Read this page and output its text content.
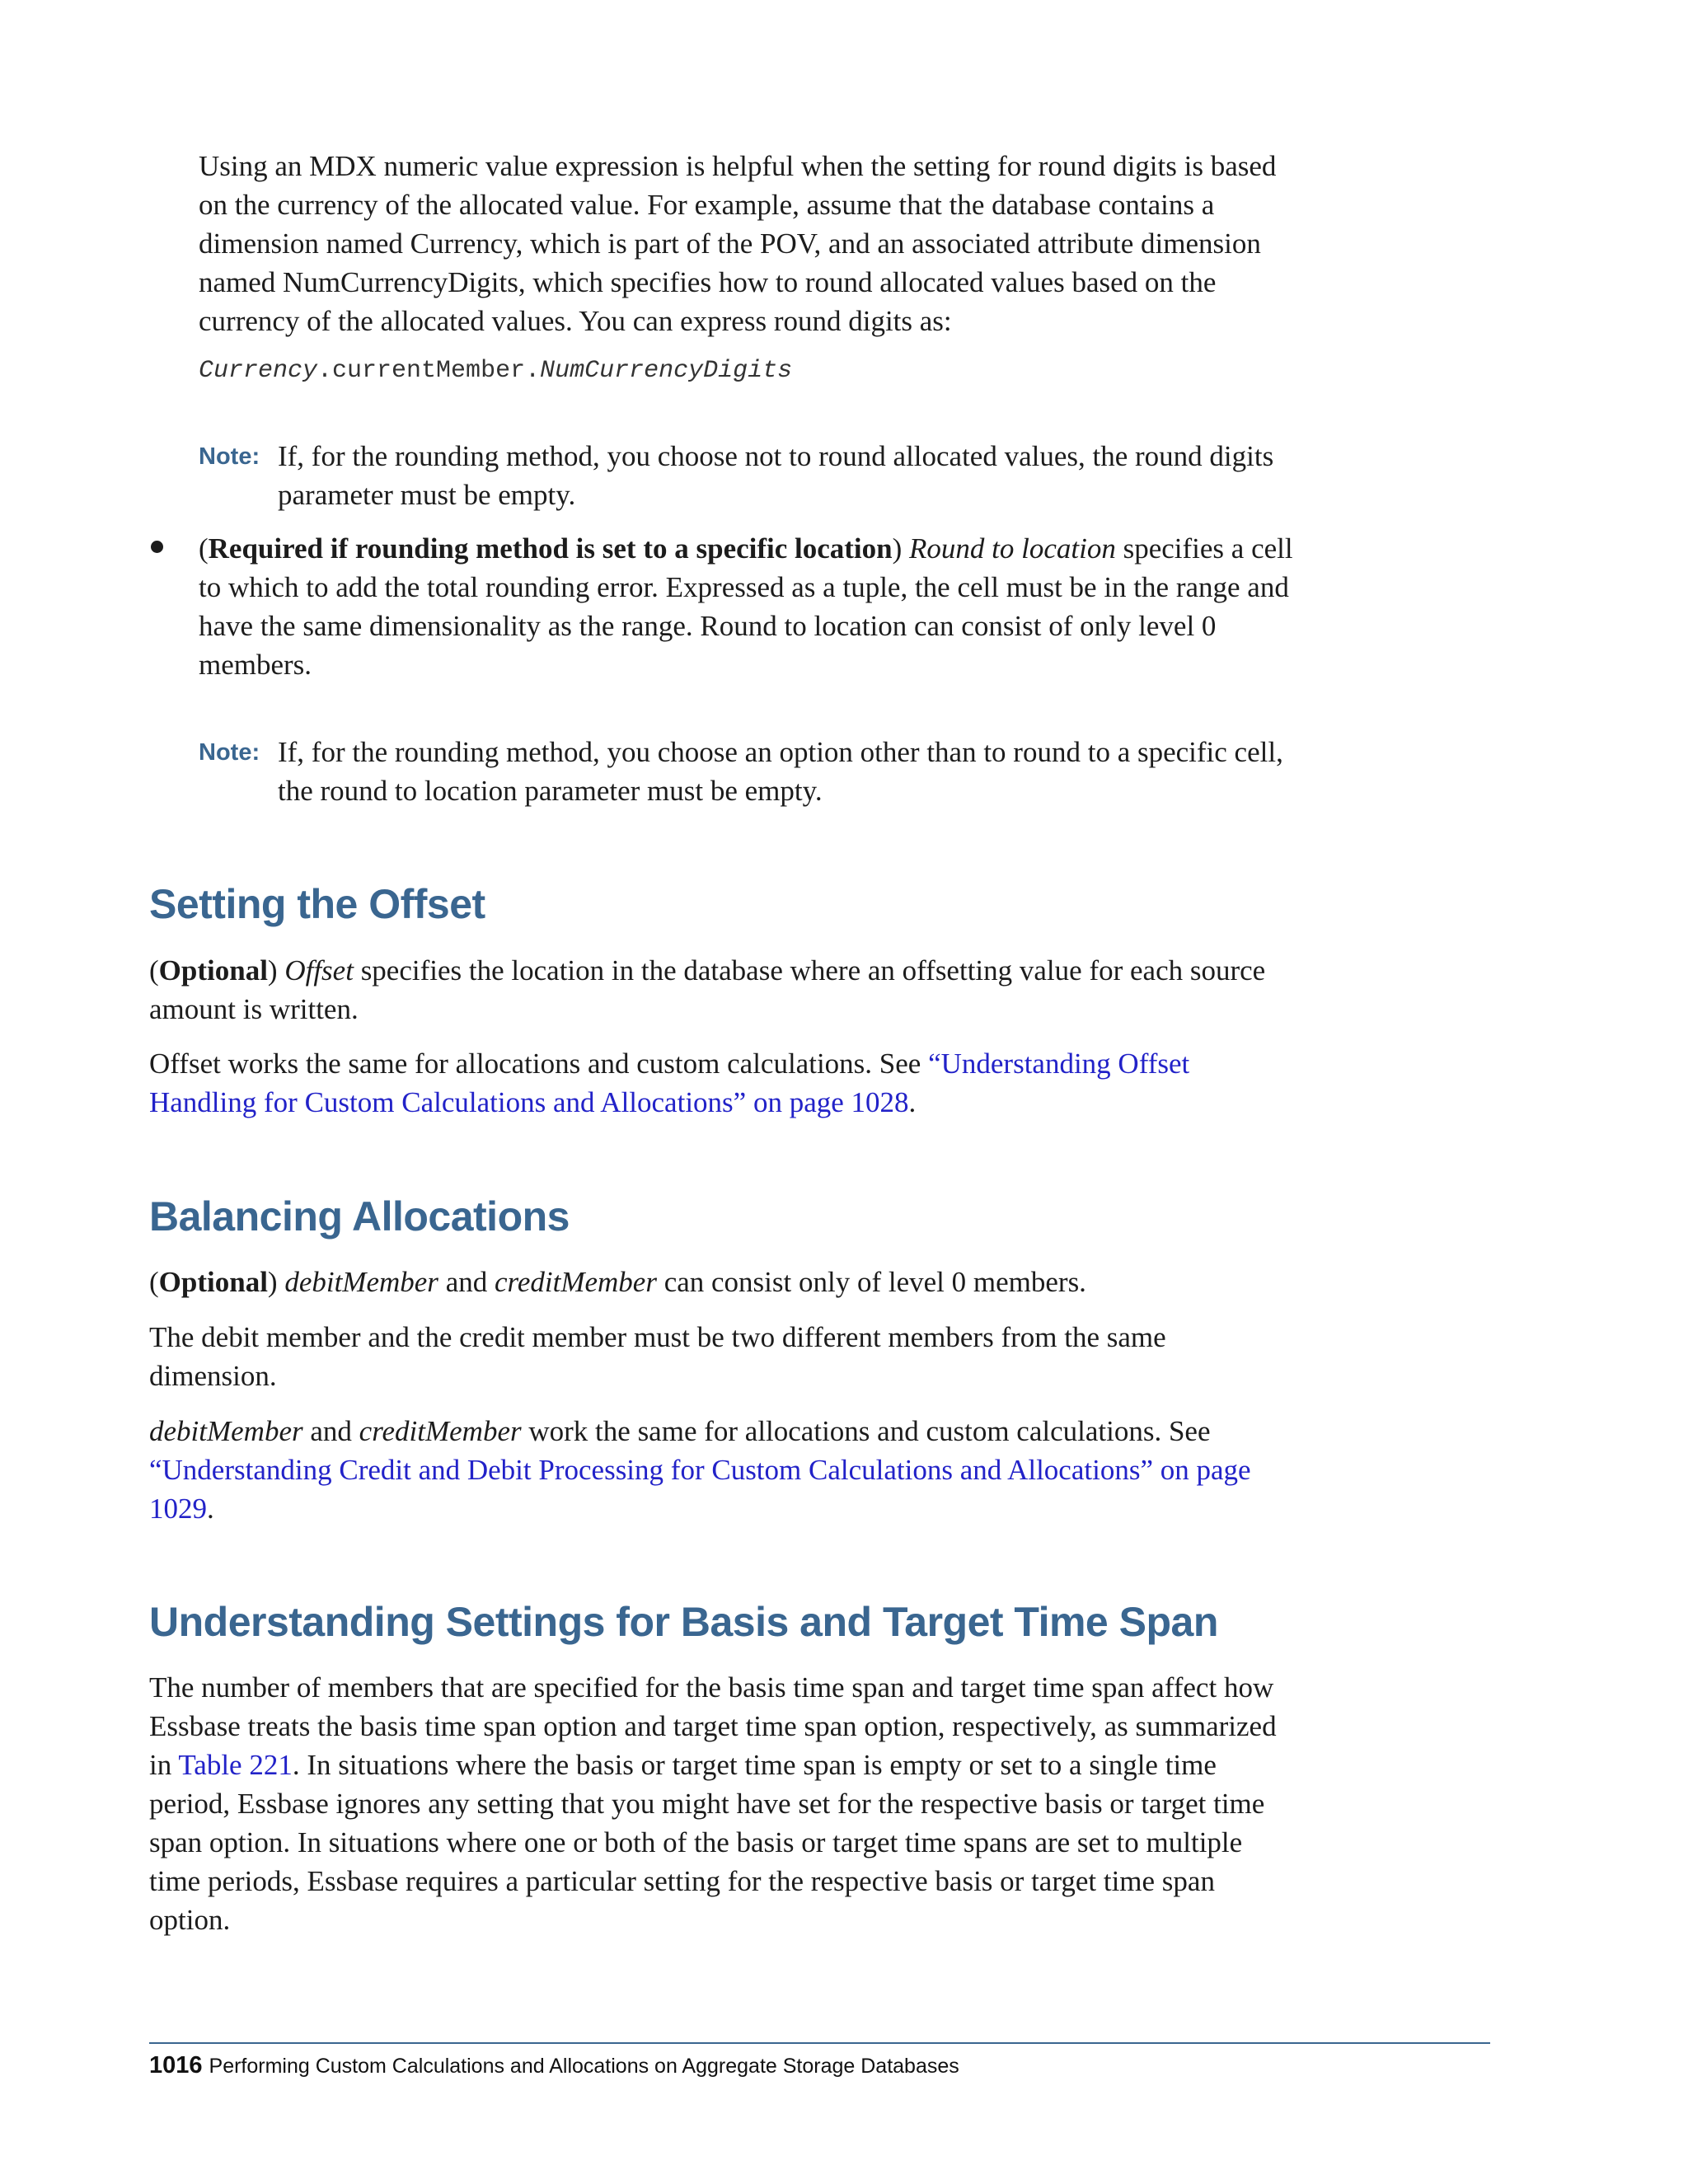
Using an MDX numeric value expression is helpful when the setting for round digits is based on the currency of the allocated value. For example, assume that the database contains a dimension named Currency, which is part of the POV, and an associated attribute dimension named NumCurrencyDigits, which specifies how to round allocated values based on the currency of the allocated values. You can express round digits as:

Currency.currentMember.NumCurrencyDigits
Note: If, for the rounding method, you choose not to round allocated values, the round digits parameter must be empty.

(Required if rounding method is set to a specific location) Round to location specifies a cell to which to add the total rounding error. Expressed as a tuple, the cell must be in the range and have the same dimensionality as the range. Round to location can consist of only level 0 members.

Note: If, for the rounding method, you choose an option other than to round to a specific cell, the round to location parameter must be empty.

Setting the Offset

(Optional) Offset specifies the location in the database where an offsetting value for each source amount is written.

Offset works the same for allocations and custom calculations. See “Understanding Offset Handling for Custom Calculations and Allocations” on page 1028.

Balancing Allocations

(Optional) debitMember and creditMember can consist only of level 0 members.

The debit member and the credit member must be two different members from the same dimension.

debitMember and creditMember work the same for allocations and custom calculations. See “Understanding Credit and Debit Processing for Custom Calculations and Allocations” on page 1029.

Understanding Settings for Basis and Target Time Span

The number of members that are specified for the basis time span and target time span affect how Essbase treats the basis time span option and target time span option, respectively, as summarized in Table 221. In situations where the basis or target time span is empty or set to a single time period, Essbase ignores any setting that you might have set for the respective basis or target time span option. In situations where one or both of the basis or target time spans are set to multiple time periods, Essbase requires a particular setting for the respective basis or target time span option.

1016 Performing Custom Calculations and Allocations on Aggregate Storage Databases
